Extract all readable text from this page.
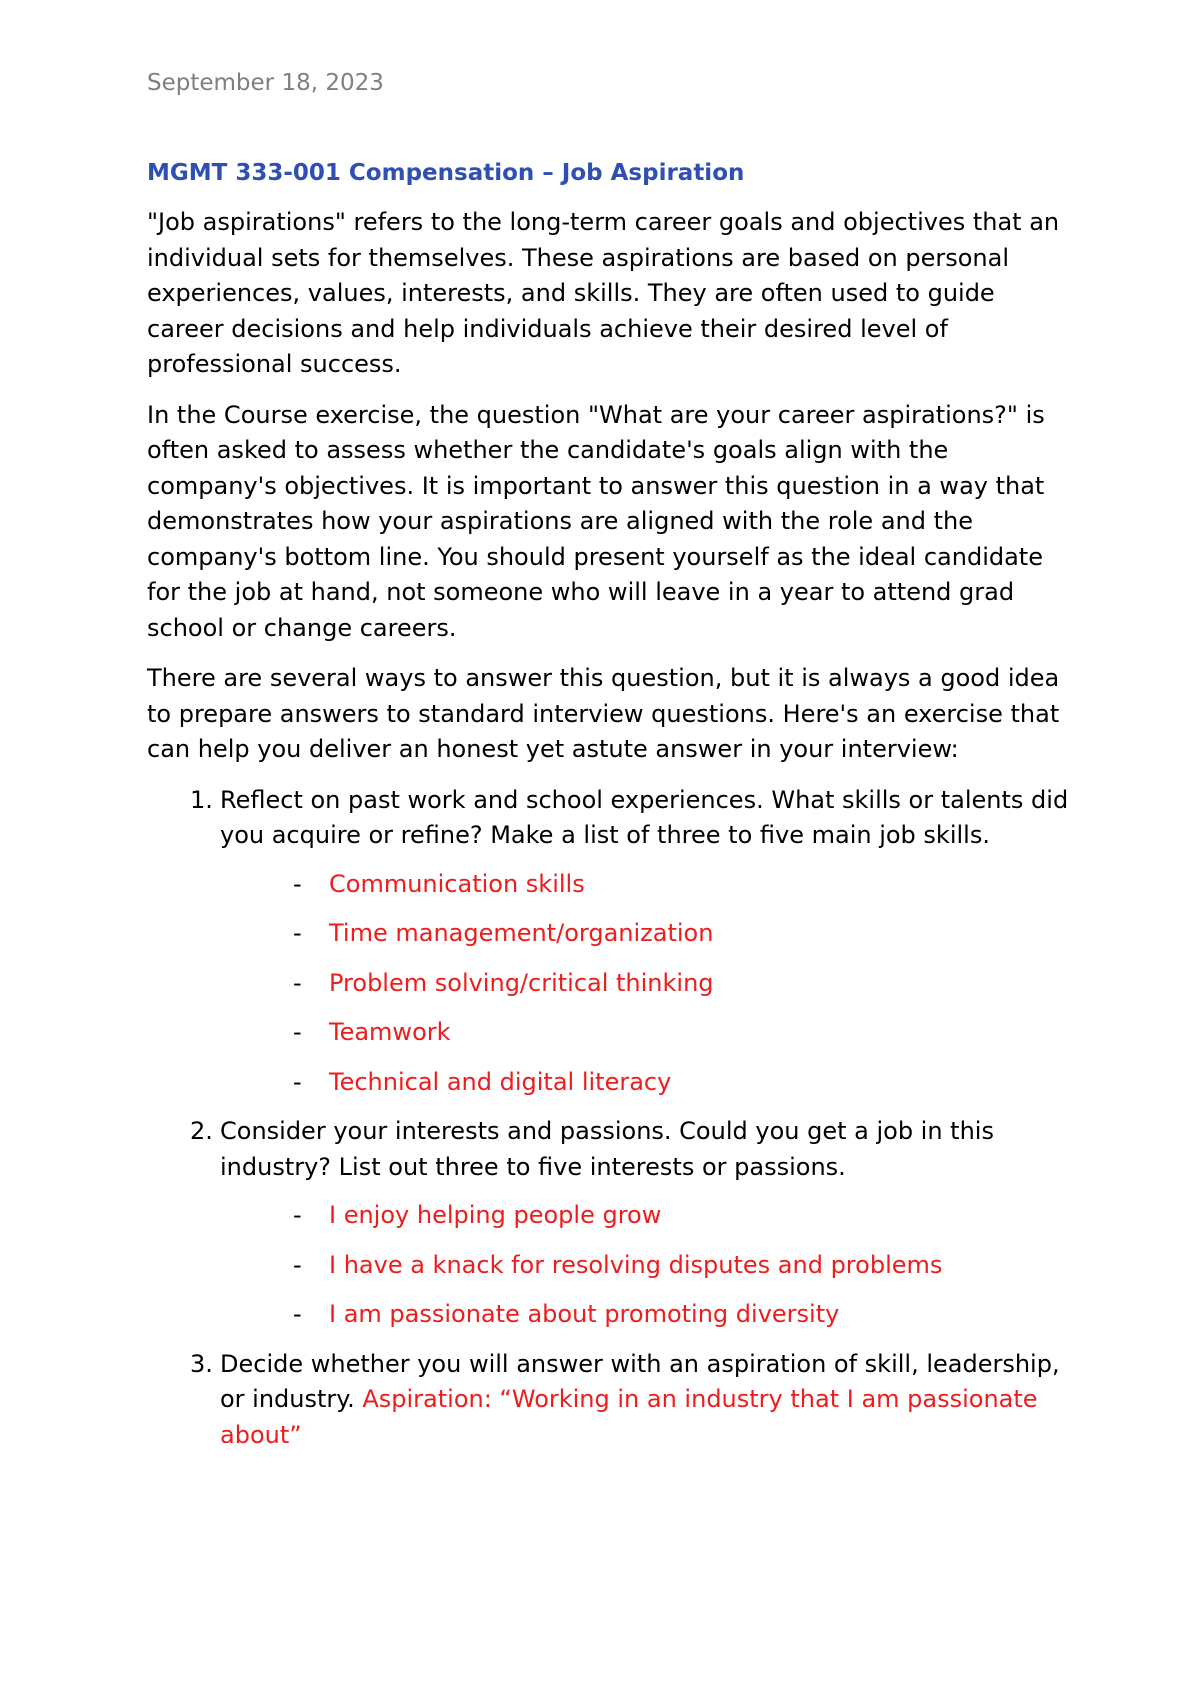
September 18, 2023
MGMT 333-001 Compensation – Job Aspiration

"Job aspirations" refers to the long-term career goals and objectives that an individual sets for themselves. These aspirations are based on personal experiences, values, interests, and skills. They are often used to guide career decisions and help individuals achieve their desired level of professional success.

In the Course exercise, the question "What are your career aspirations?" is often asked to assess whether the candidate's goals align with the company's objectives. It is important to answer this question in a way that demonstrates how your aspirations are aligned with the role and the company's bottom line. You should present yourself as the ideal candidate for the job at hand, not someone who will leave in a year to attend grad school or change careers.

There are several ways to answer this question, but it is always a good idea to prepare answers to standard interview questions. Here's an exercise that can help you deliver an honest yet astute answer in your interview:

1. Reflect on past work and school experiences. What skills or talents did you acquire or refine? Make a list of three to five main job skills.
- Communication skills
- Time management/organization
- Problem solving/critical thinking
- Teamwork
- Technical and digital literacy
2. Consider your interests and passions. Could you get a job in this industry? List out three to five interests or passions.
- I enjoy helping people grow
- I have a knack for resolving disputes and problems
- I am passionate about promoting diversity
3. Decide whether you will answer with an aspiration of skill, leadership, or industry. Aspiration: “Working in an industry that I am passionate about”
